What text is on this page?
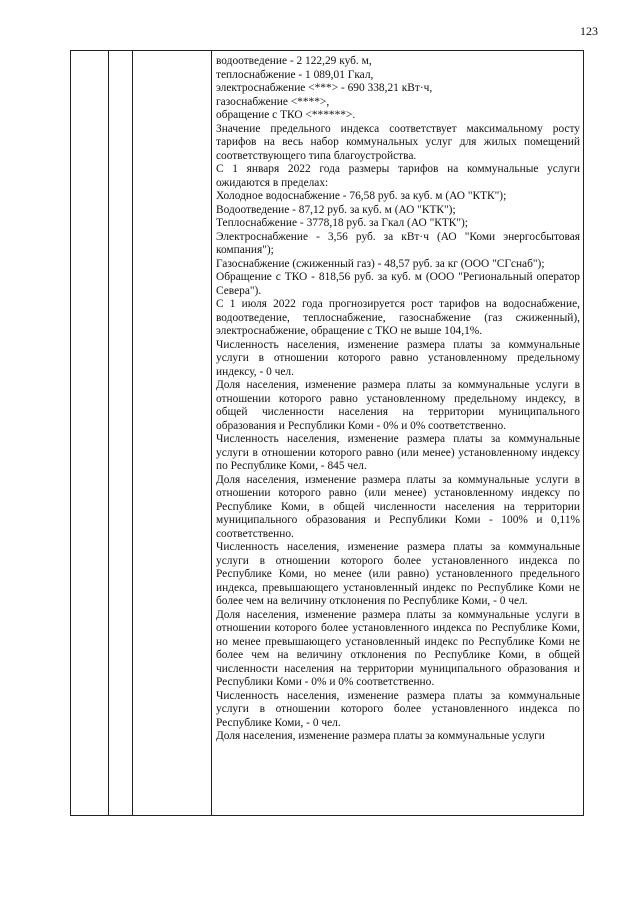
123

водоотведение - 2 122,29 куб. м,

теплоснабжение - 1 089,01 Гкал,

электроснабжение <***> - 690 338,21 кВт·ч,

газоснабжение <****>,

обращение с ТКО <******>.

Значение предельного индекса соответствует максимальному росту тарифов на весь набор коммунальных услуг для жилых помещений соответствующего типа благоустройства.

С 1 января 2022 года размеры тарифов на коммунальные услуги ожидаются в пределах:

Холодное водоснабжение - 76,58 руб. за куб. м (АО "КТК");

Водоотведение - 87,12 руб. за куб. м (АО "КТК");

Теплоснабжение - 3778,18 руб. за Гкал (АО "КТК");

Электроснабжение - 3,56 руб. за кВт·ч (АО "Коми энергосбытовая компания");

Газоснабжение (сжиженный газ) - 48,57 руб. за кг (ООО "СГснаб");

Обращение с ТКО - 818,56 руб. за куб. м (ООО "Региональный оператор Севера").

С 1 июля 2022 года прогнозируется рост тарифов на водоснабжение, водоотведение, теплоснабжение, газоснабжение (газ сжиженный), электроснабжение, обращение с ТКО не выше 104,1%.

Численность населения, изменение размера платы за коммунальные услуги в отношении которого равно установленному предельному индексу, - 0 чел.

Доля населения, изменение размера платы за коммунальные услуги в отношении которого равно установленному предельному индексу, в общей численности населения на территории муниципального образования и Республики Коми - 0% и 0% соответственно.

Численность населения, изменение размера платы за коммунальные услуги в отношении которого равно (или менее) установленному индексу по Республике Коми, - 845 чел.

Доля населения, изменение размера платы за коммунальные услуги в отношении которого равно (или менее) установленному индексу по Республике Коми, в общей численности населения на территории муниципального образования и Республики Коми - 100% и 0,11% соответственно.

Численность населения, изменение размера платы за коммунальные услуги в отношении которого более установленного индекса по Республике Коми, но менее (или равно) установленного предельного индекса, превышающего установленный индекс по Республике Коми не более чем на величину отклонения по Республике Коми, - 0 чел.

Доля населения, изменение размера платы за коммунальные услуги в отношении которого более установленного индекса по Республике Коми, но менее превышающего установленный индекс по Республике Коми не более чем на величину отклонения по Республике Коми, в общей численности населения на территории муниципального образования и Республики Коми - 0% и 0% соответственно.

Численность населения, изменение размера платы за коммунальные услуги в отношении которого более установленного индекса по Республике Коми, - 0 чел.

Доля населения, изменение размера платы за коммунальные услуги
